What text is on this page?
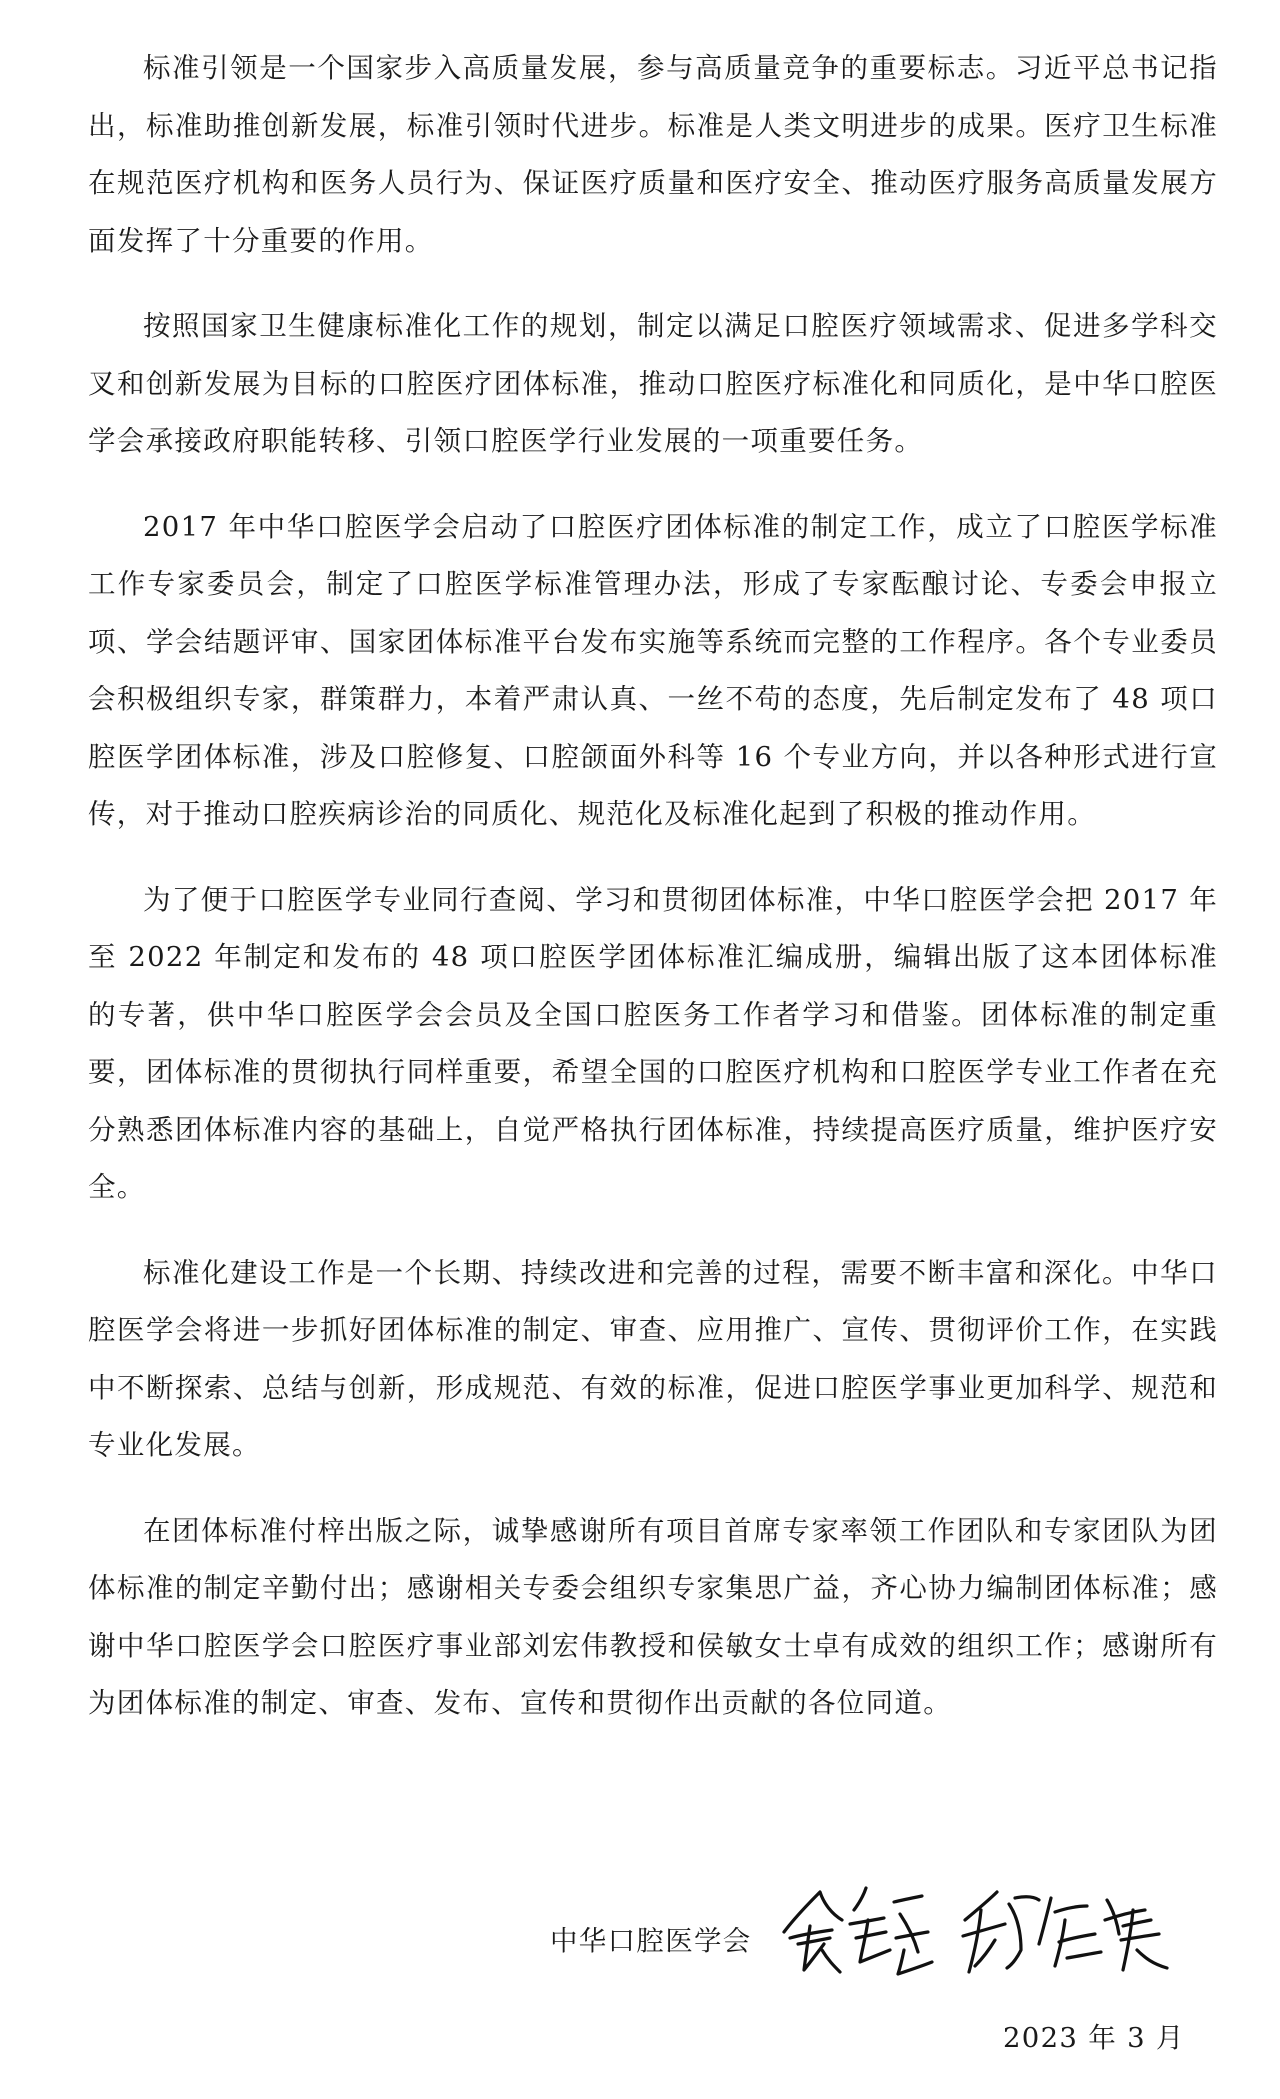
标准引领是一个国家步入高质量发展，参与高质量竞争的重要标志。习近平总书记指出，标准助推创新发展，标准引领时代进步。标准是人类文明进步的成果。医疗卫生标准在规范医疗机构和医务人员行为、保证医疗质量和医疗安全、推动医疗服务高质量发展方面发挥了十分重要的作用。

按照国家卫生健康标准化工作的规划，制定以满足口腔医疗领域需求、促进多学科交叉和创新发展为目标的口腔医疗团体标准，推动口腔医疗标准化和同质化，是中华口腔医学会承接政府职能转移、引领口腔医学行业发展的一项重要任务。

2017 年中华口腔医学会启动了口腔医疗团体标准的制定工作，成立了口腔医学标准工作专家委员会，制定了口腔医学标准管理办法，形成了专家酝酿讨论、专委会申报立项、学会结题评审、国家团体标准平台发布实施等系统而完整的工作程序。各个专业委员会积极组织专家，群策群力，本着严肃认真、一丝不苟的态度，先后制定发布了 48 项口腔医学团体标准，涉及口腔修复、口腔颌面外科等 16 个专业方向，并以各种形式进行宣传，对于推动口腔疾病诊治的同质化、规范化及标准化起到了积极的推动作用。

为了便于口腔医学专业同行查阅、学习和贯彻团体标准，中华口腔医学会把 2017 年至 2022 年制定和发布的 48 项口腔医学团体标准汇编成册，编辑出版了这本团体标准的专著，供中华口腔医学会会员及全国口腔医务工作者学习和借鉴。团体标准的制定重要，团体标准的贯彻执行同样重要，希望全国的口腔医疗机构和口腔医学专业工作者在充分熟悉团体标准内容的基础上，自觉严格执行团体标准，持续提高医疗质量，维护医疗安全。

标准化建设工作是一个长期、持续改进和完善的过程，需要不断丰富和深化。中华口腔医学会将进一步抓好团体标准的制定、审查、应用推广、宣传、贯彻评价工作，在实践中不断探索、总结与创新，形成规范、有效的标准，促进口腔医学事业更加科学、规范和专业化发展。

在团体标准付梓出版之际，诚挚感谢所有项目首席专家率领工作团队和专家团队为团体标准的制定辛勤付出；感谢相关专委会组织专家集思广益，齐心协力编制团体标准；感谢中华口腔医学会口腔医疗事业部刘宏伟教授和侯敏女士卓有成效的组织工作；感谢所有为团体标准的制定、审查、发布、宣传和贯彻作出贡献的各位同道。

中华口腔医学会
2023 年 3 月
